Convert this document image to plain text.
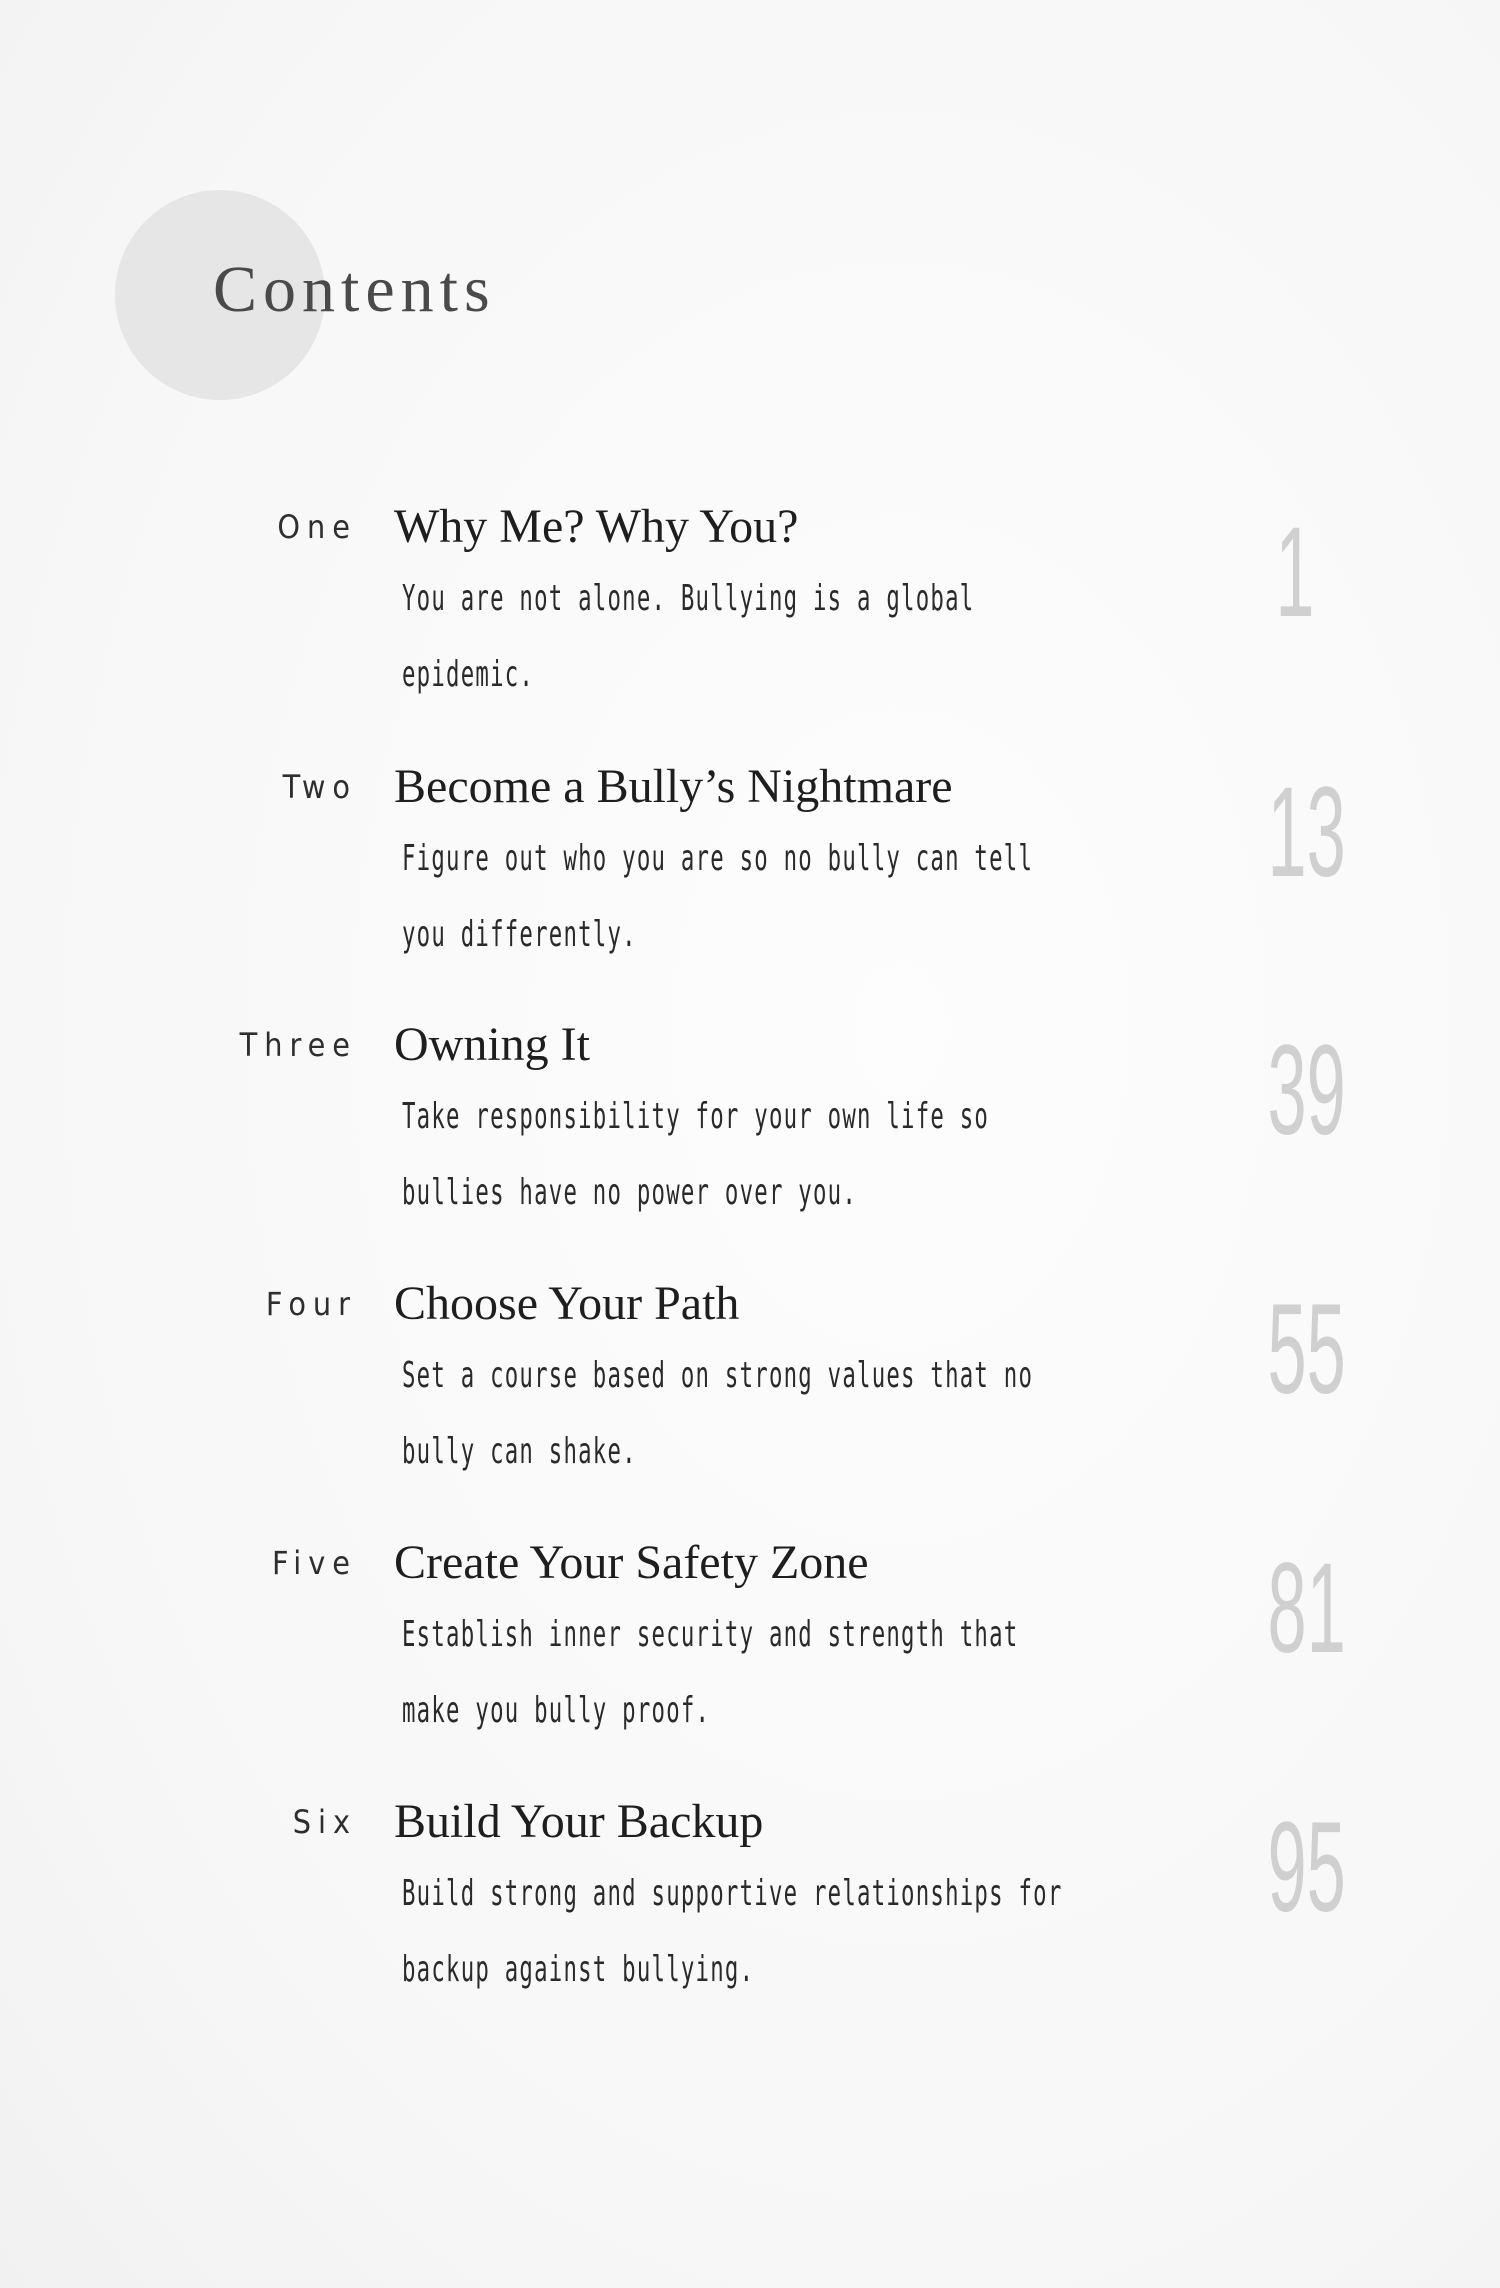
Contents
One Why Me? Why You?
You are not alone. Bullying is a global epidemic.
1
Two Become a Bully’s Nightmare
Figure out who you are so no bully can tell you differently.
13
Three Owning It
Take responsibility for your own life so bullies have no power over you.
39
Four Choose Your Path
Set a course based on strong values that no bully can shake.
55
Five Create Your Safety Zone
Establish inner security and strength that make you bully proof.
81
Six Build Your Backup
Build strong and supportive relationships for backup against bullying.
95
